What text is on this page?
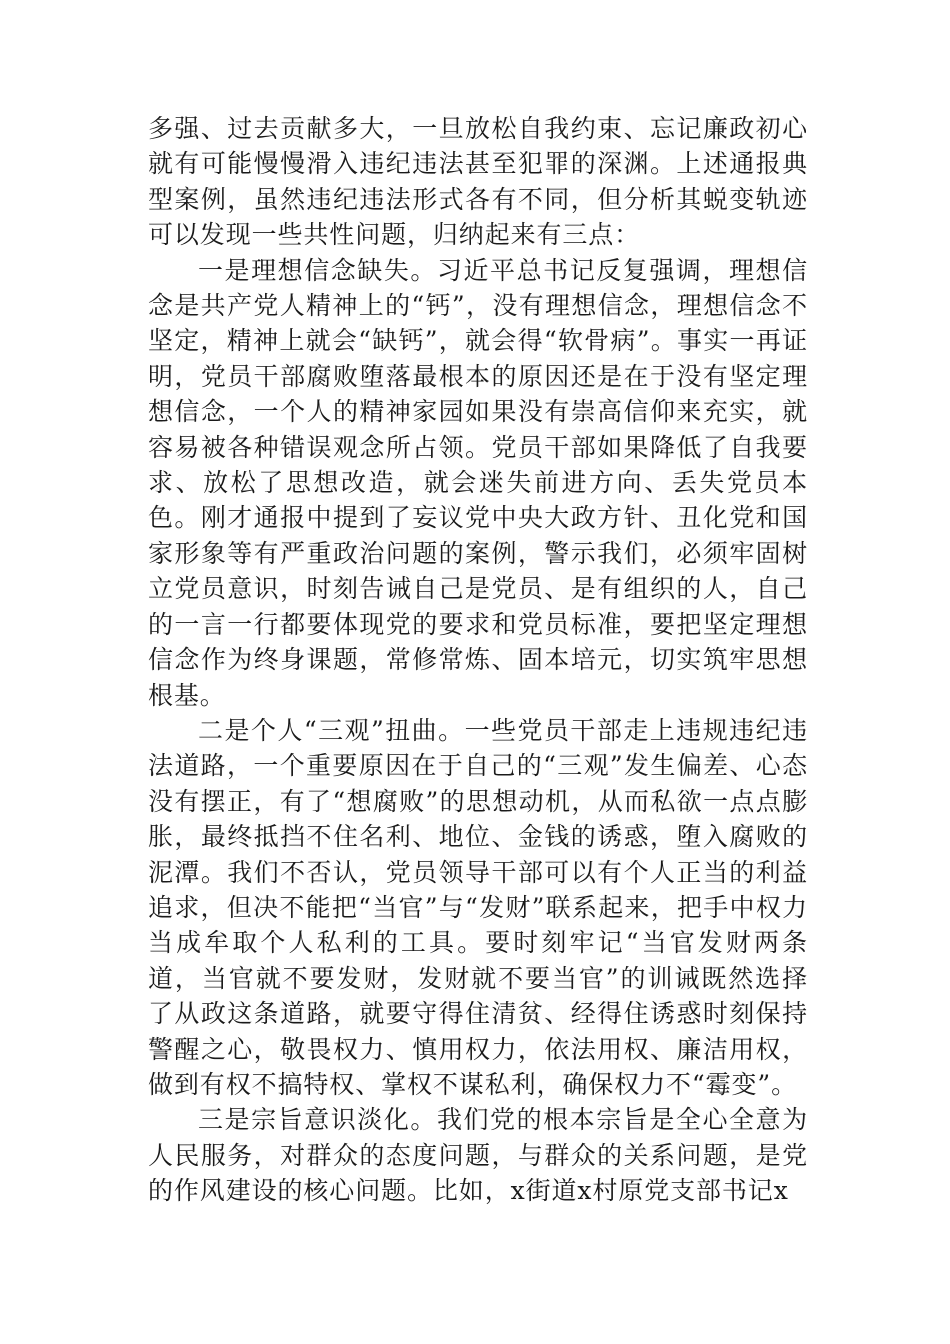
多强、过去贡献多大，一旦放松自我约束、忘记廉政初心就有可能慢慢滑入违纪违法甚至犯罪的深渊。上述通报典型案例，虽然违纪违法形式各有不同，但分析其蜕变轨迹可以发现一些共性问题，归纳起来有三点：

一是理想信念缺失。习近平总书记反复强调，理想信念是共产党人精神上的“钙”，没有理想信念，理想信念不坚定，精神上就会“缺钙”，就会得“软骨病”。事实一再证明，党员干部腐败堕落最根本的原因还是在于没有坚定理想信念，一个人的精神家园如果没有崇高信仰来充实，就容易被各种错误观念所占领。党员干部如果降低了自我要求、放松了思想改造，就会迷失前进方向、丢失党员本色。刚才通报中提到了妄议党中央大政方针、丑化党和国家形象等有严重政治问题的案例，警示我们，必须牢固树立党员意识，时刻告诫自己是党员、是有组织的人，自己的一言一行都要体现党的要求和党员标准，要把坚定理想信念作为终身课题，常修常炼、固本培元，切实筑牢思想根基。

二是个人“三观”扭曲。一些党员干部走上违规违纪违法道路，一个重要原因在于自己的“三观”发生偏差、心态没有摆正，有了“想腐败”的思想动机，从而私欲一点点膨胀，最终抵挡不住名利、地位、金钱的诱惑，堕入腐败的泥潭。我们不否认，党员领导干部可以有个人正当的利益追求，但决不能把“当官”与“发财”联系起来，把手中权力当成牟取个人私利的工具。要时刻牢记“当官发财两条道，当官就不要发财，发财就不要当官”的训诫既然选择了从政这条道路，就要守得住清贫、经得住诱惑时刻保持警醒之心，敬畏权力、慎用权力，依法用权、廉洁用权，做到有权不搞特权、掌权不谋私利，确保权力不“霉变”。

三是宗旨意识淡化。我们党的根本宗旨是全心全意为人民服务，对群众的态度问题，与群众的关系问题，是党的作风建设的核心问题。比如，x街道x村原党支部书记x
